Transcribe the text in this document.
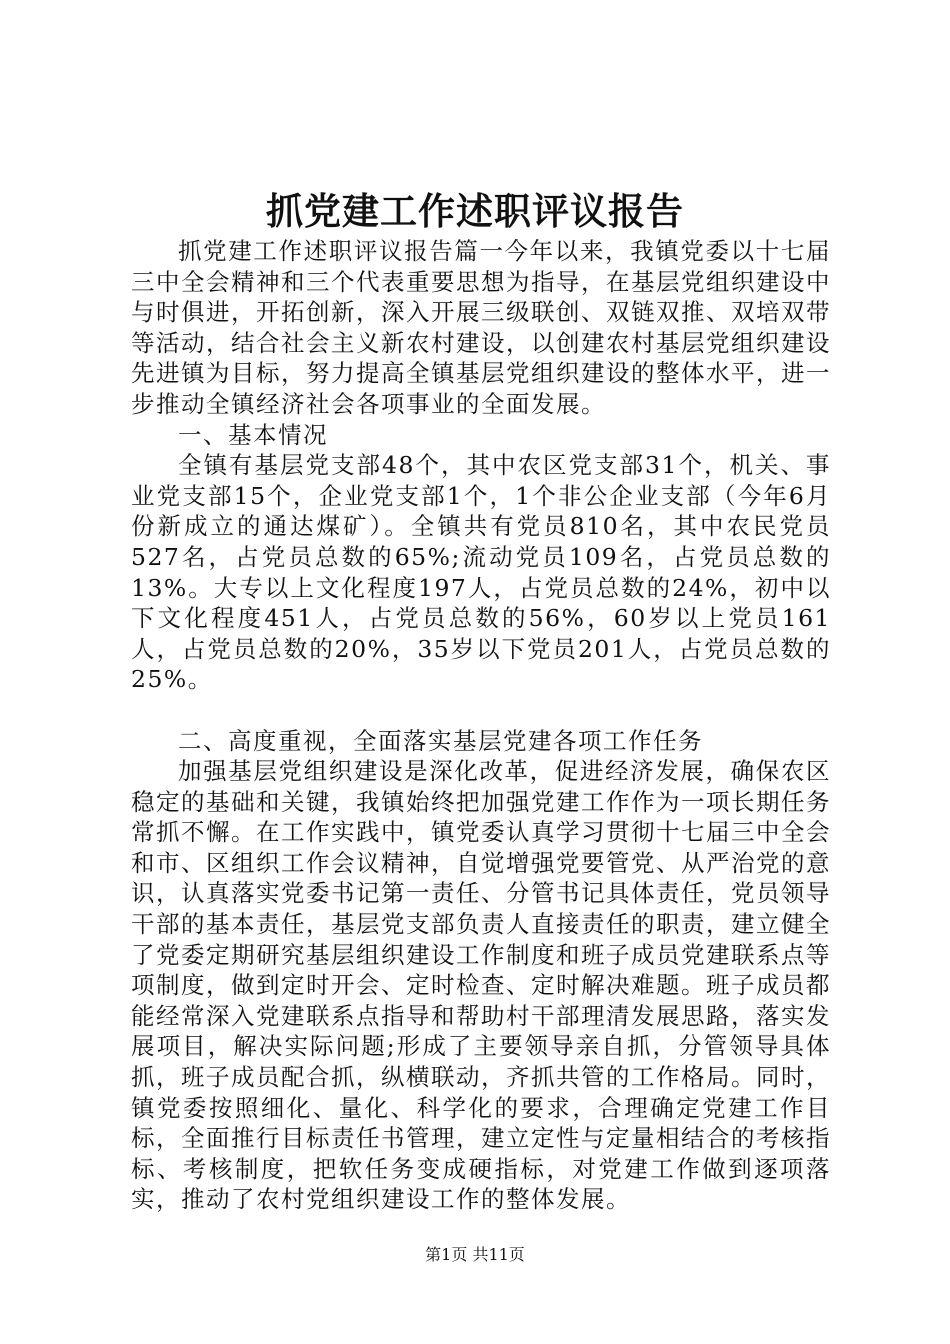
抓党建工作述职评议报告

抓党建工作述职评议报告篇一今年以来，我镇党委以十七届三中全会精神和三个代表重要思想为指导，在基层党组织建设中与时俱进，开拓创新，深入开展三级联创、双链双推、双培双带等活动，结合社会主义新农村建设，以创建农村基层党组织建设先进镇为目标，努力提高全镇基层党组织建设的整体水平，进一步推动全镇经济社会各项事业的全面发展。

一、基本情况

全镇有基层党支部48个，其中农区党支部31个，机关、事业党支部15个，企业党支部1个，1个非公企业支部（今年6月份新成立的通达煤矿）。全镇共有党员810名，其中农民党员527名，占党员总数的65%;流动党员109名，占党员总数的13%。大专以上文化程度197人，占党员总数的24%，初中以下文化程度451人，占党员总数的56%，60岁以上党员161人，占党员总数的20%，35岁以下党员201人，占党员总数的25%。

二、高度重视，全面落实基层党建各项工作任务

加强基层党组织建设是深化改革，促进经济发展，确保农区稳定的基础和关键，我镇始终把加强党建工作作为一项长期任务常抓不懈。在工作实践中，镇党委认真学习贯彻十七届三中全会和市、区组织工作会议精神，自觉增强党要管党、从严治党的意识，认真落实党委书记第一责任、分管书记具体责任，党员领导干部的基本责任，基层党支部负责人直接责任的职责，建立健全了党委定期研究基层组织建设工作制度和班子成员党建联系点等项制度，做到定时开会、定时检查、定时解决难题。班子成员都能经常深入党建联系点指导和帮助村干部理清发展思路，落实发展项目，解决实际问题;形成了主要领导亲自抓，分管领导具体抓，班子成员配合抓，纵横联动，齐抓共管的工作格局。同时，镇党委按照细化、量化、科学化的要求，合理确定党建工作目标，全面推行目标责任书管理，建立定性与定量相结合的考核指标、考核制度，把软任务变成硬指标，对党建工作做到逐项落实，推动了农村党组织建设工作的整体发展。

第1页 共11页
